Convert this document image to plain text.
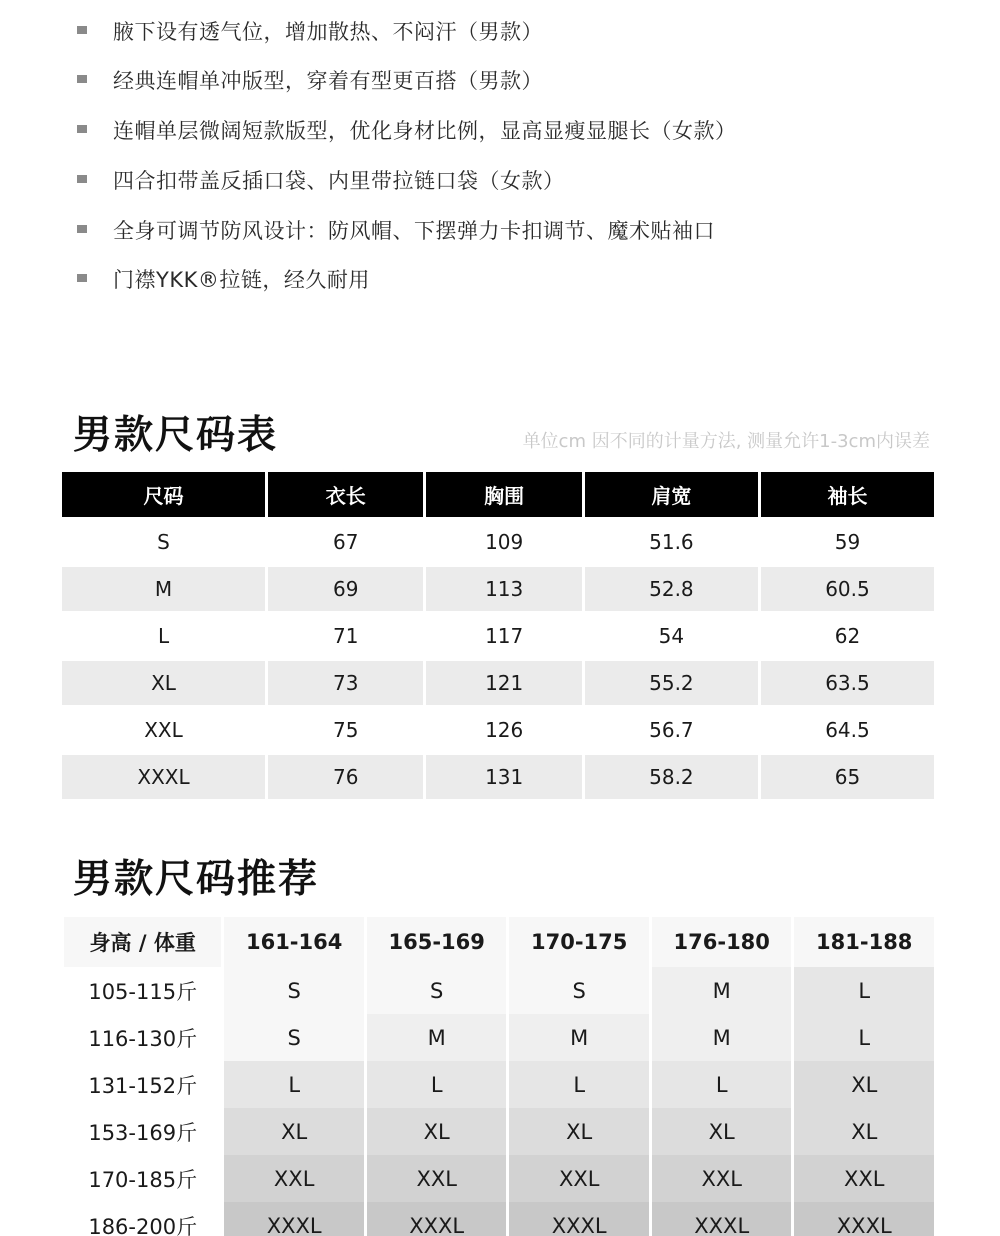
腋下设有透气位，增加散热、不闷汗（男款）
经典连帽单冲版型，穿着有型更百搭（男款）
连帽单层微阔短款版型，优化身材比例，显高显瘦显腿长（女款）
四合扣带盖反插口袋、内里带拉链口袋（女款）
全身可调节防风设计：防风帽、下摆弹力卡扣调节、魔术贴袖口
门襟YKK®拉链，经久耐用
男款尺码表	单位cm 因不同的计量方法, 测量允许1-3cm内误差
尺码	衣长	胸围	肩宽	袖长
S	67	109	51.6	59
M	69	113	52.8	60.5
L	71	117	54	62
XL	73	121	55.2	63.5
XXL	75	126	56.7	64.5
XXXL	76	131	58.2	65
男款尺码推荐
身高 / 体重	161-164	165-169	170-175	176-180	181-188
105-115斤	S	S	S	M	L
116-130斤	S	M	M	M	L
131-152斤	L	L	L	L	XL
153-169斤	XL	XL	XL	XL	XL
170-185斤	XXL	XXL	XXL	XXL	XXL
186-200斤	XXXL	XXXL	XXXL	XXXL	XXXL
